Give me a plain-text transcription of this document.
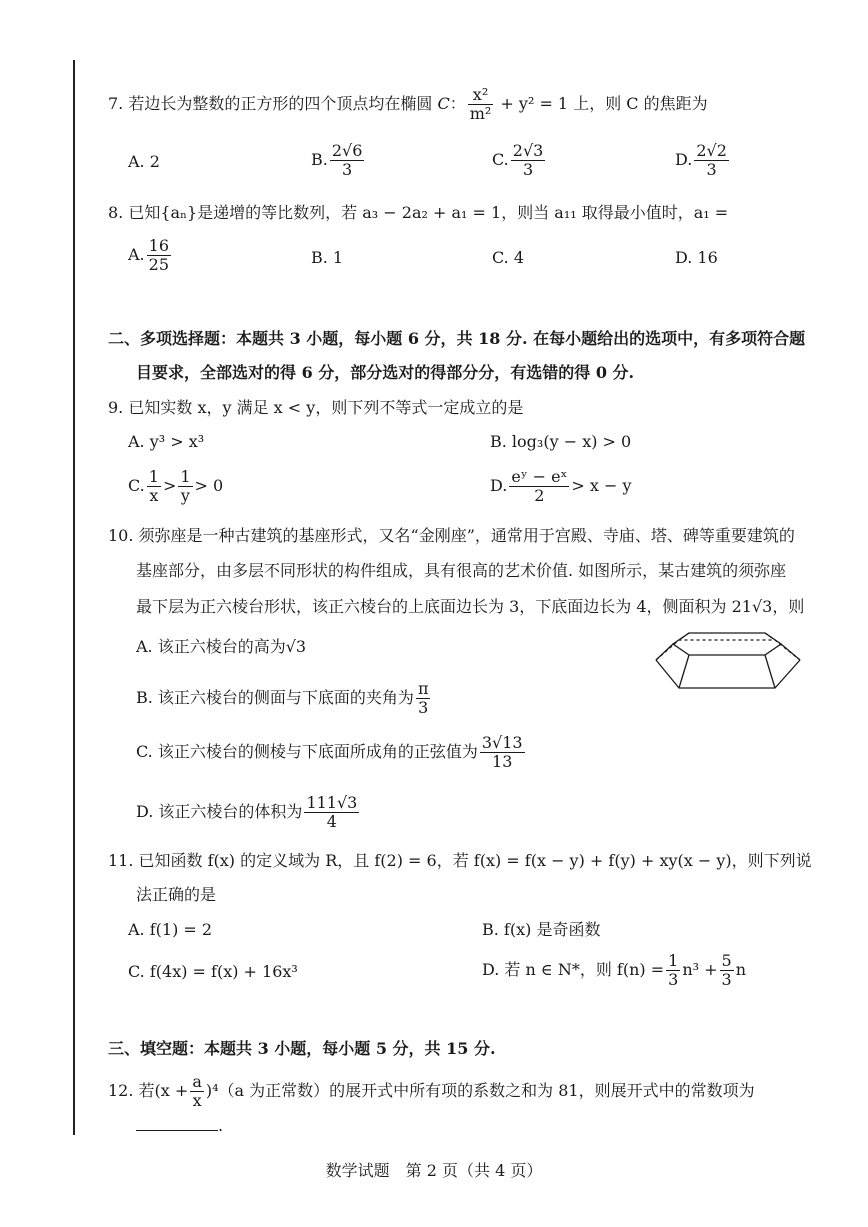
7. 若边长为整数的正方形的四个顶点均在椭圆 C： $\frac{\text{x²}}{\text{m²}} + y^2 = 1$ 上，则 C 的焦距为
A. 2	B. $\frac{2√6}{3}$	C. $\frac{2√3}{3}$	D. $\frac{2√2}{3}$
8. 已知{aₙ}是递增的等比数列，若 a₃ − 2a₂ + a₁ = 1，则当 a₁₁ 取得最小值时，a₁ =
A. $\frac{16}{25}$	B. 1	C. 4	D. 16
二、多项选择题：本题共 3 小题，每小题 6 分，共 18 分. 在每小题给出的选项中，有多项符合题
目要求，全部选对的得 6 分，部分选对的得部分分，有选错的得 0 分.
9. 已知实数 x，y 满足 x < y，则下列不等式一定成立的是
A. y³ > x³	B. log₃(y − x) > 0
C. $\frac{1}{x} > \frac{1}{y} > 0$	D. $\frac{\text{eʸ − eˣ}}{2} > x - y$
10. 须弥座是一种古建筑的基座形式，又名“金刚座”，通常用于宫殿、寺庙、塔、碑等重要建筑的
基座部分，由多层不同形状的构件组成，具有很高的艺术价值. 如图所示，某古建筑的须弥座
最下层为正六棱台形状，该正六棱台的上底面边长为 3，下底面边长为 4，侧面积为 21√3，则
A. 该正六棱台的高为√3
B. 该正六棱台的侧面与下底面的夹角为 $\frac{\pi}{3}$
C. 该正六棱台的侧棱与下底面所成角的正弦值为 $\frac{3√13}{13}$
D. 该正六棱台的体积为 $\frac{111√3}{4}$
11. 已知函数 f(x) 的定义域为 R，且 f(2) = 6，若 f(x) = f(x − y) + f(y) + xy(x − y)，则下列说
法正确的是
A. f(1) = 2	B. f(x) 是奇函数
C. f(4x) = f(x) + 16x³	D. 若 n ∈ N*，则 $f(n) = \frac{1}{3} n^3 + \frac{5}{3}$ n
三、填空题：本题共 3 小题，每小题 5 分，共 15 分.
12. 若$(x + \frac{a}{x} )^4(a$ 为正常数）的展开式中所有项的系数之和为 81，则展开式中的常数项为
.
数学试题　第 2 页（共 4 页）
